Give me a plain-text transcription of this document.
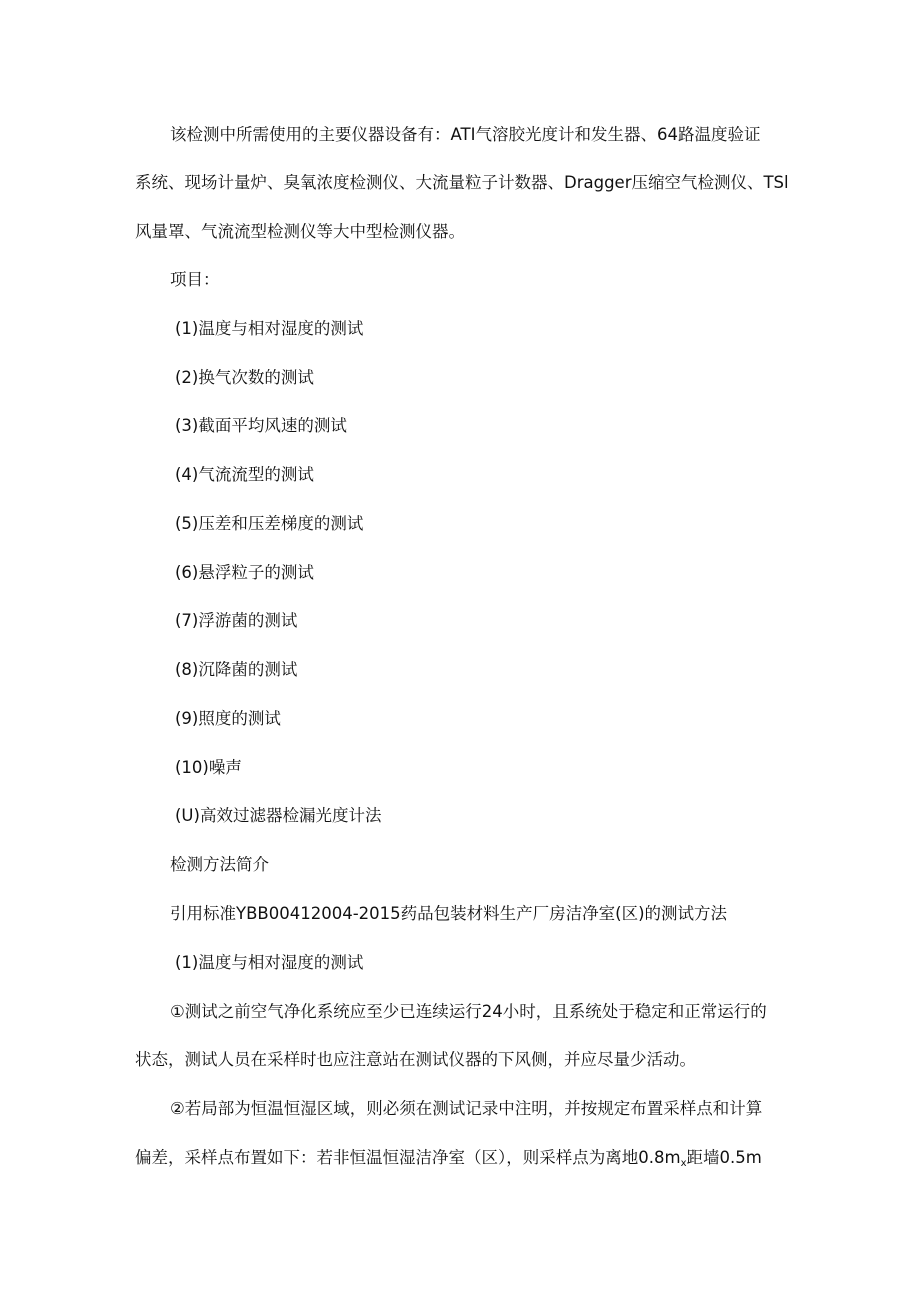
该检测中所需使用的主要仪器设备有：ATI气溶胶光度计和发生器、64路温度验证
系统、现场计量炉、臭氧浓度检测仪、大流量粒子计数器、Dragger压缩空气检测仪、TSl
风量罩、气流流型检测仪等大中型检测仪器。
项目：
(1)温度与相对湿度的测试
(2)换气次数的测试
(3)截面平均风速的测试
(4)气流流型的测试
(5)压差和压差梯度的测试
(6)悬浮粒子的测试
(7)浮游菌的测试
(8)沉降菌的测试
(9)照度的测试
(10)噪声
(U)高效过滤器检漏光度计法
检测方法简介
引用标准YBB00412004-2015药品包装材料生产厂房洁净室(区)的测试方法
(1)温度与相对湿度的测试
①测试之前空气净化系统应至少已连续运行24小时，且系统处于稳定和正常运行的
状态，测试人员在采样时也应注意站在测试仪器的下风侧，并应尽量少活动。
②若局部为恒温恒湿区域，则必须在测试记录中注明，并按规定布置采样点和计算
偏差，采样点布置如下：若非恒温恒湿洁净室（区），则采样点为离地$0.8m_x$距墙0.5m
